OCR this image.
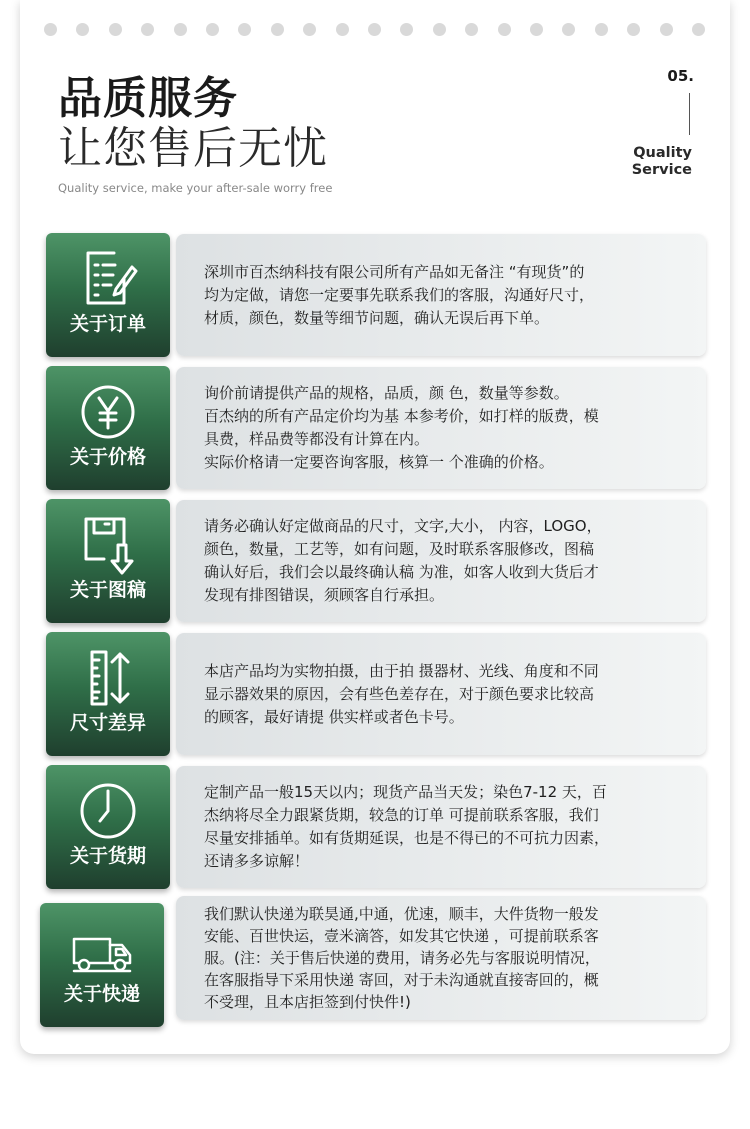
品质服务
让您售后无忧
Quality service, make your after-sale worry free
05.
Quality
Service
关于订单
深圳市百杰纳科技有限公司所有产品如无备注 “有现货”的
均为定做，请您一定要事先联系我们的客服，沟通好尺寸，
材质，颜色，数量等细节问题，确认无误后再下单。
关于价格
询价前请提供产品的规格，品质，颜 色，数量等参数。
百杰纳的所有产品定价均为基 本参考价，如打样的版费，模
具费，样品费等都没有计算在内。
实际价格请一定要咨询客服，核算一 个准确的价格。
关于图稿
请务必确认好定做商品的尺寸，文字,大小， 内容，LOGO，
颜色，数量，工艺等，如有问题，及时联系客服修改，图稿
确认好后，我们会以最终确认稿 为准，如客人收到大货后才
发现有排图错误，须顾客自行承担。
尺寸差异
本店产品均为实物拍摄，由于拍 摄器材、光线、角度和不同
显示器效果的原因，会有些色差存在，对于颜色要求比较高
的顾客，最好请提 供实样或者色卡号。
关于货期
定制产品一般15天以内；现货产品当天发；染色7-12 天，百
杰纳将尽全力跟紧货期，较急的订单 可提前联系客服，我们
尽量安排插单。如有货期延误，也是不得已的不可抗力因素，
还请多多谅解！
关于快递
我们默认快递为联昊通,中通，优速，顺丰，大件货物一般发
安能、百世快运，壹米滴答，如发其它快递 ，可提前联系客
服。(注：关于售后快递的费用，请务必先与客服说明情况，
在客服指导下采用快递 寄回，对于未沟通就直接寄回的，概
不受理，且本店拒签到付快件!)
